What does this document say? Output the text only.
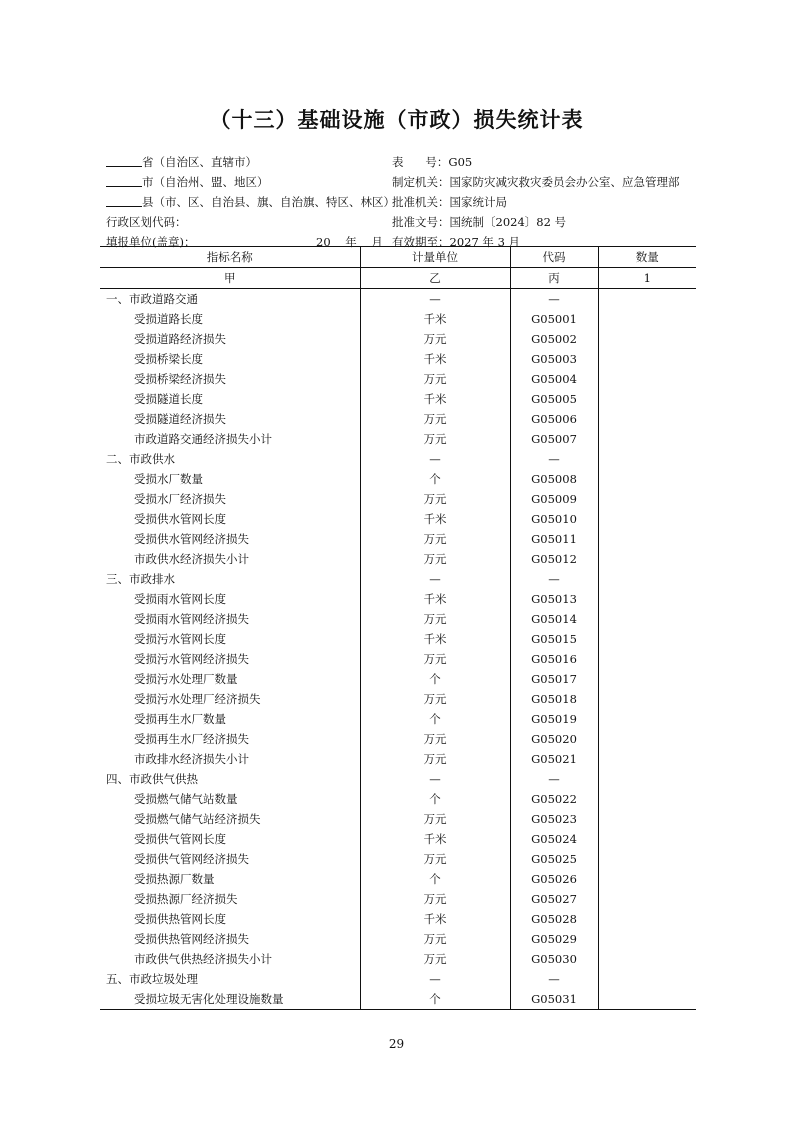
（十三）基础设施（市政）损失统计表
省（自治区、直辖市）
市（自治州、盟、地区）
县（市、区、自治县、旗、自治旗、特区、林区）
行政区划代码：
填报单位(盖章)：	20    年    月
表      号：G05
制定机关：国家防灾减灾救灾委员会办公室、应急管理部
批准机关：国家统计局
批准文号：国统制〔2024〕82 号
有效期至：2027 年 3 月
指标名称	计量单位	代码	数量
甲	乙	丙	1
一、市政道路交通	—	—	
受损道路长度	千米	G05001	
受损道路经济损失	万元	G05002	
受损桥梁长度	千米	G05003	
受损桥梁经济损失	万元	G05004	
受损隧道长度	千米	G05005	
受损隧道经济损失	万元	G05006	
市政道路交通经济损失小计	万元	G05007	
二、市政供水	—	—	
受损水厂数量	个	G05008	
受损水厂经济损失	万元	G05009	
受损供水管网长度	千米	G05010	
受损供水管网经济损失	万元	G05011	
市政供水经济损失小计	万元	G05012	
三、市政排水	—	—	
受损雨水管网长度	千米	G05013	
受损雨水管网经济损失	万元	G05014	
受损污水管网长度	千米	G05015	
受损污水管网经济损失	万元	G05016	
受损污水处理厂数量	个	G05017	
受损污水处理厂经济损失	万元	G05018	
受损再生水厂数量	个	G05019	
受损再生水厂经济损失	万元	G05020	
市政排水经济损失小计	万元	G05021	
四、市政供气供热	—	—	
受损燃气储气站数量	个	G05022	
受损燃气储气站经济损失	万元	G05023	
受损供气管网长度	千米	G05024	
受损供气管网经济损失	万元	G05025	
受损热源厂数量	个	G05026	
受损热源厂经济损失	万元	G05027	
受损供热管网长度	千米	G05028	
受损供热管网经济损失	万元	G05029	
市政供气供热经济损失小计	万元	G05030	
五、市政垃圾处理	—	—	
受损垃圾无害化处理设施数量	个	G05031	
29
